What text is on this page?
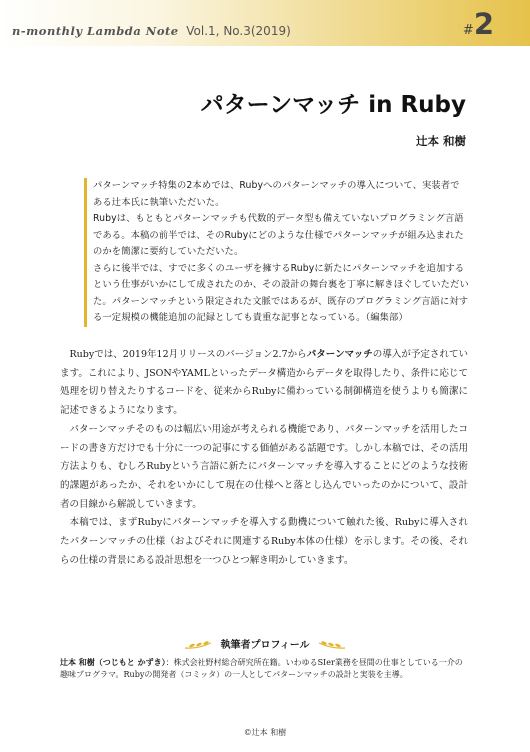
n-monthly Lambda Note Vol.1, No.3(2019)	#2
パターンマッチ in Ruby
辻本 和樹

パターンマッチ特集の2本めでは、Rubyへのパターンマッチの導入について、実装者で

ある辻本氏に執筆いただいた。

Rubyは、もともとパターンマッチも代数的データ型も備えていないプログラミング言語

である。本稿の前半では、そのRubyにどのような仕様でパターンマッチが組み込まれた

のかを簡潔に要約していただいた。

さらに後半では、すでに多くのユーザを擁するRubyに新たにパターンマッチを追加する

という仕事がいかにして成されたのか、その設計の舞台裏を丁寧に解きほぐしていただい

た。パターンマッチという限定された文脈ではあるが、既存のプログラミング言語に対す

る一定規模の機能追加の記録としても貴重な記事となっている。（編集部）

Rubyでは、2019年12月リリースのバージョン2.7からパターンマッチの導入が予定されています。これにより、JSONやYAMLといったデータ構造からデータを取得したり、条件に応じて処理を切り替えたりするコードを、従来からRubyに備わっている制御構造を使うよりも簡潔に記述できるようになります。

パターンマッチそのものは幅広い用途が考えられる機能であり、パターンマッチを活用したコードの書き方だけでも十分に一つの記事にする価値がある話題です。しかし本稿では、その活用方法よりも、むしろRubyという言語に新たにパターンマッチを導入することにどのような技術的課題があったか、それをいかにして現在の仕様へと落とし込んでいったのかについて、設計者の目線から解説していきます。

本稿では、まずRubyにパターンマッチを導入する動機について触れた後、Rubyに導入されたパターンマッチの仕様（およびそれに関連するRuby本体の仕様）を示します。その後、それらの仕様の背景にある設計思想を一つひとつ解き明かしていきます。

執筆者プロフィール
辻本 和樹（つじもと かずき）：株式会社野村総合研究所在籍。いわゆるSIer業務を昼間の仕事としている一介の趣味プログラマ。Rubyの開発者（コミッタ）の一人としてパターンマッチの設計と実装を主導。
©辻本 和樹
